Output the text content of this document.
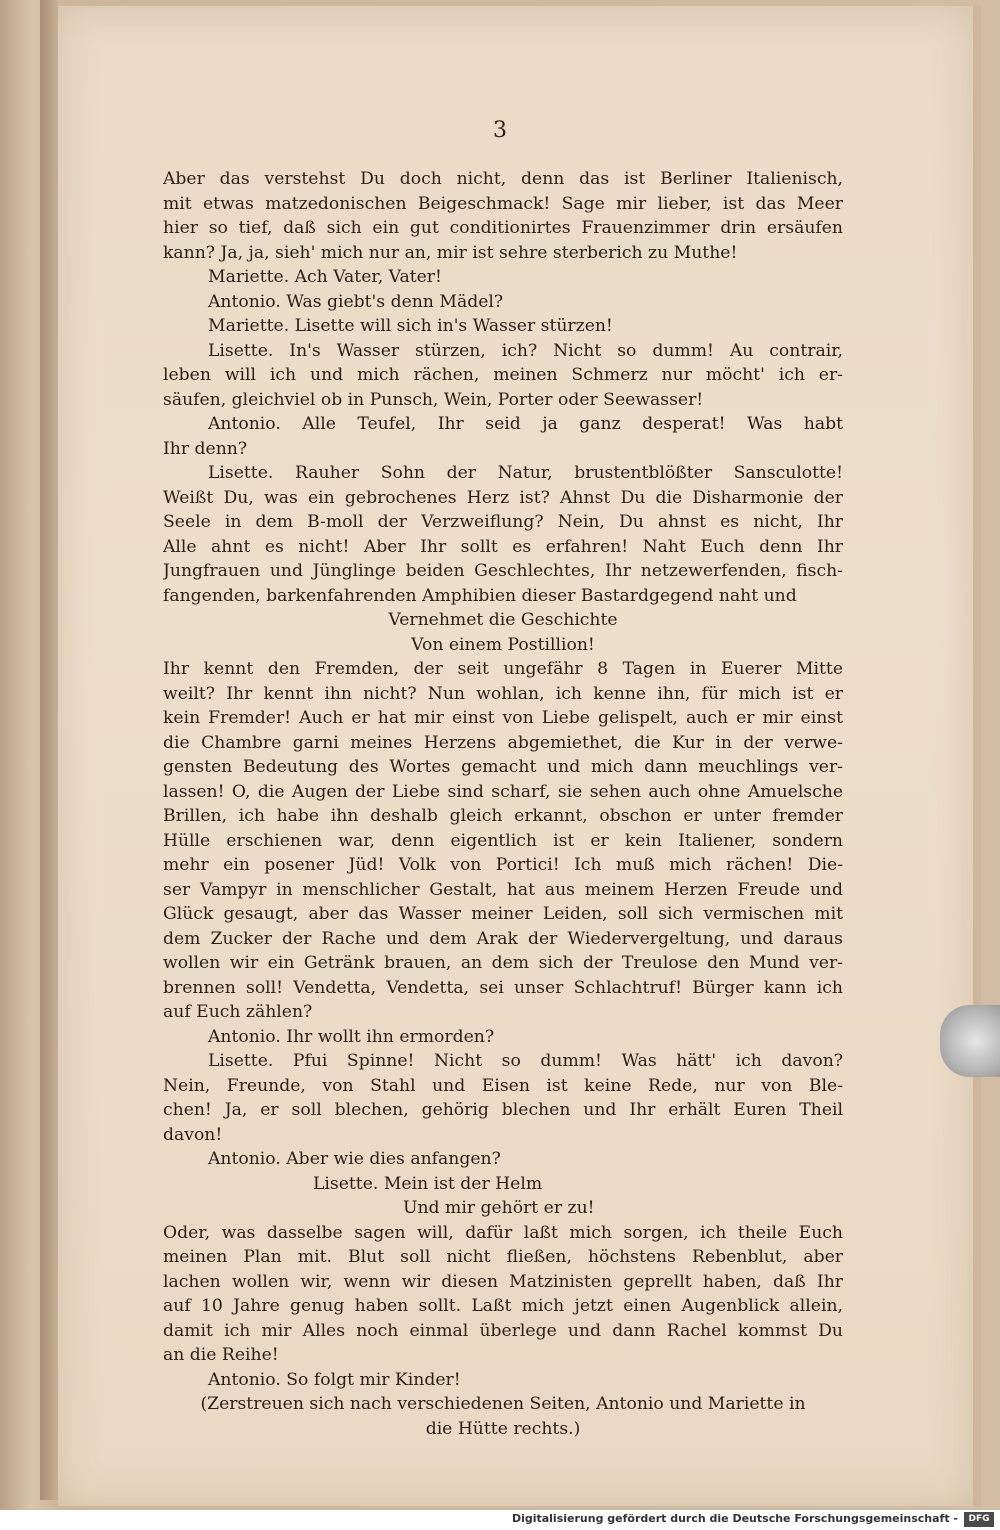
3
Aber das verstehst Du doch nicht, denn das ist Berliner Italienisch,
mit etwas matzedonischen Beigeschmack! Sage mir lieber, ist das Meer
hier so tief, daß sich ein gut conditionirtes Frauenzimmer drin ersäufen
kann? Ja, ja, sieh' mich nur an, mir ist sehre sterberich zu Muthe!
Mariette. Ach Vater, Vater!
Antonio. Was giebt's denn Mädel?
Mariette. Lisette will sich in's Wasser stürzen!
Lisette. In's Wasser stürzen, ich? Nicht so dumm! Au contrair,
leben will ich und mich rächen, meinen Schmerz nur möcht' ich er-
säufen, gleichviel ob in Punsch, Wein, Porter oder Seewasser!
Antonio. Alle Teufel, Ihr seid ja ganz desperat! Was habt
Ihr denn?
Lisette. Rauher Sohn der Natur, brustentblößter Sansculotte!
Weißt Du, was ein gebrochenes Herz ist? Ahnst Du die Disharmonie der
Seele in dem B-moll der Verzweiflung? Nein, Du ahnst es nicht, Ihr
Alle ahnt es nicht! Aber Ihr sollt es erfahren! Naht Euch denn Ihr
Jungfrauen und Jünglinge beiden Geschlechtes, Ihr netzewerfenden, fisch-
fangenden, barkenfahrenden Amphibien dieser Bastardgegend naht und
Vernehmet die Geschichte
Von einem Postillion!
Ihr kennt den Fremden, der seit ungefähr 8 Tagen in Euerer Mitte
weilt? Ihr kennt ihn nicht? Nun wohlan, ich kenne ihn, für mich ist er
kein Fremder! Auch er hat mir einst von Liebe gelispelt, auch er mir einst
die Chambre garni meines Herzens abgemiethet, die Kur in der verwe-
gensten Bedeutung des Wortes gemacht und mich dann meuchlings ver-
lassen! O, die Augen der Liebe sind scharf, sie sehen auch ohne Amuelsche
Brillen, ich habe ihn deshalb gleich erkannt, obschon er unter fremder
Hülle erschienen war, denn eigentlich ist er kein Italiener, sondern
mehr ein posener Jüd! Volk von Portici! Ich muß mich rächen! Die-
ser Vampyr in menschlicher Gestalt, hat aus meinem Herzen Freude und
Glück gesaugt, aber das Wasser meiner Leiden, soll sich vermischen mit
dem Zucker der Rache und dem Arak der Wiedervergeltung, und daraus
wollen wir ein Getränk brauen, an dem sich der Treulose den Mund ver-
brennen soll! Vendetta, Vendetta, sei unser Schlachtruf! Bürger kann ich
auf Euch zählen?
Antonio. Ihr wollt ihn ermorden?
Lisette. Pfui Spinne! Nicht so dumm! Was hätt' ich davon?
Nein, Freunde, von Stahl und Eisen ist keine Rede, nur von Ble-
chen! Ja, er soll blechen, gehörig blechen und Ihr erhält Euren Theil
davon!
Antonio. Aber wie dies anfangen?
Lisette. Mein ist der Helm
Und mir gehört er zu!
Oder, was dasselbe sagen will, dafür laßt mich sorgen, ich theile Euch
meinen Plan mit. Blut soll nicht fließen, höchstens Rebenblut, aber
lachen wollen wir, wenn wir diesen Matzinisten geprellt haben, daß Ihr
auf 10 Jahre genug haben sollt. Laßt mich jetzt einen Augenblick allein,
damit ich mir Alles noch einmal überlege und dann Rachel kommst Du
an die Reihe!
Antonio. So folgt mir Kinder!
(Zerstreuen sich nach verschiedenen Seiten, Antonio und Mariette in
die Hütte rechts.)
Digitalisierung gefördert durch die Deutsche Forschungsgemeinschaft -	DFG
